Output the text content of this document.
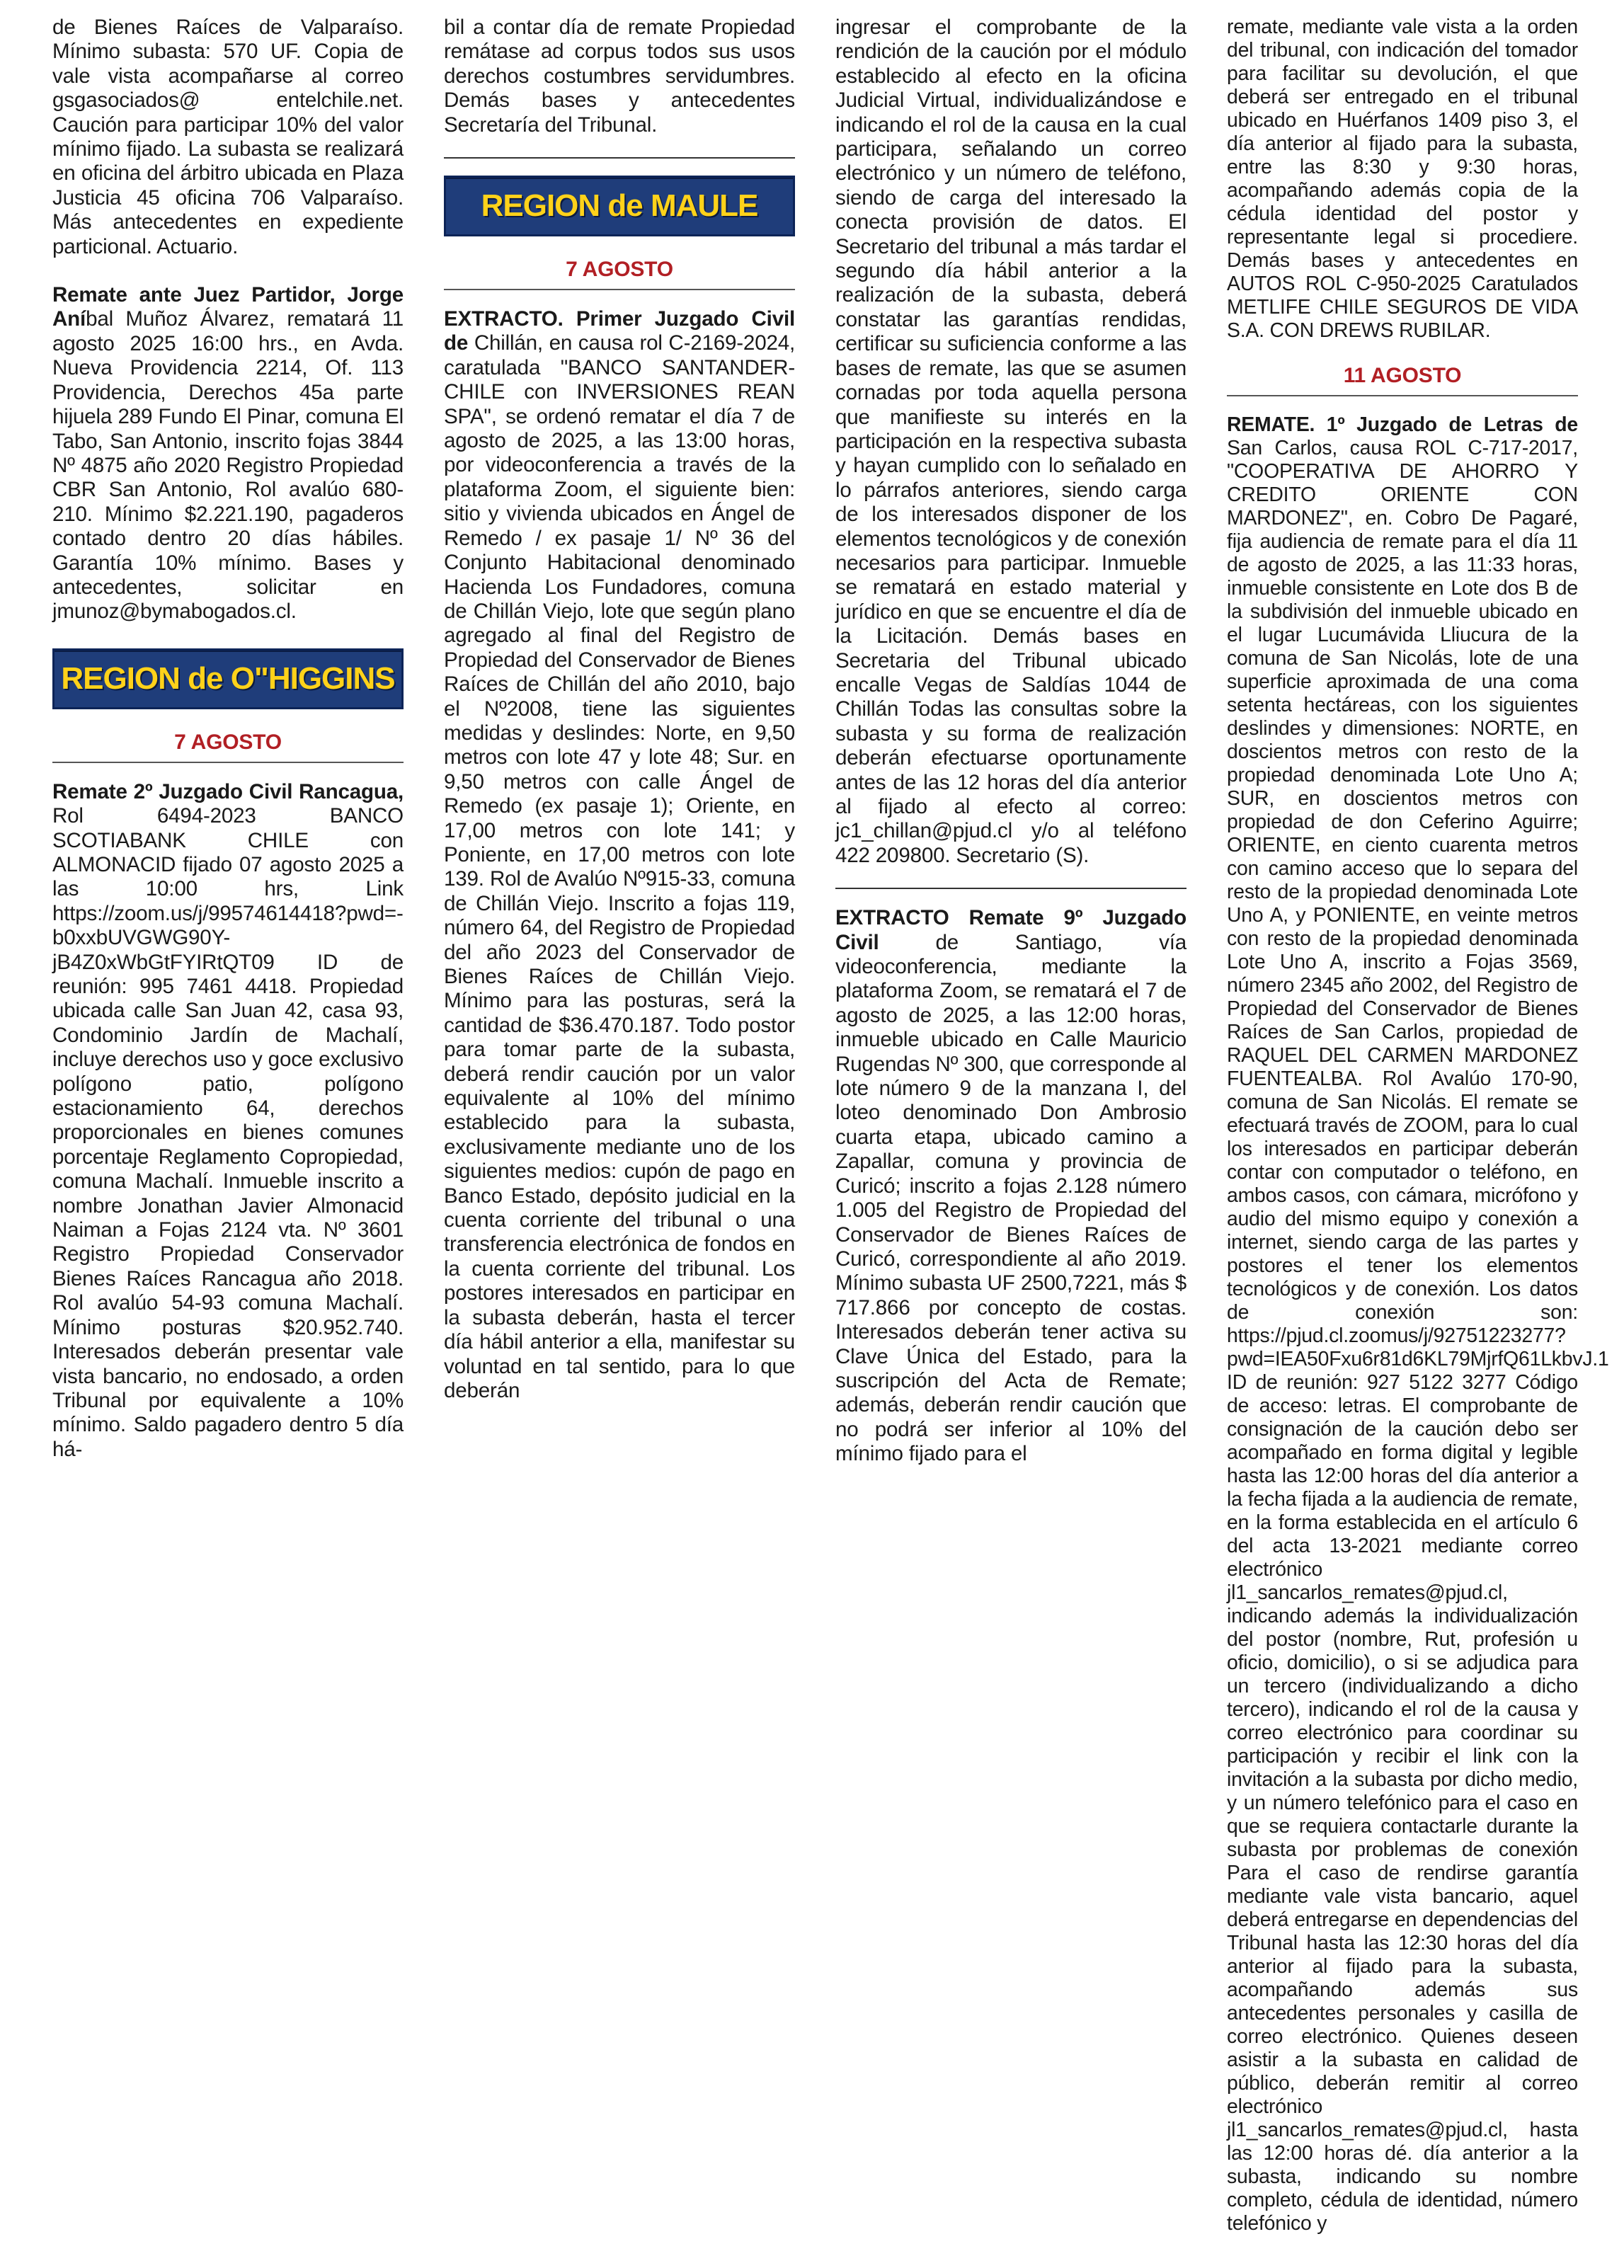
de Bienes Raíces de Valparaíso. Mínimo subasta: 570 UF. Copia de vale vista acompañarse al correo gsgasociados@ entelchile.net. Caución para participar 10% del valor mínimo fijado. La subasta se realizará en oficina del árbitro ubicada en Plaza Justicia 45 oficina 706 Valparaíso. Más antecedentes en expediente particional. Actuario.

Remate ante Juez Partidor, Jorge Aníbal Muñoz Álvarez, rematará 11 agosto 2025 16:00 hrs., en Avda. Nueva Providencia 2214, Of. 113 Providencia, Derechos 45a parte hijuela 289 Fundo El Pinar, comuna El Tabo, San Antonio, inscrito fojas 3844 Nº 4875 año 2020 Registro Propiedad CBR San Antonio, Rol avalúo 680-210. Mínimo $2.221.190, pagaderos contado dentro 20 días hábiles. Garantía 10% mínimo. Bases y antecedentes, solicitar en jmunoz@bymabogados.cl.

REGION de O"HIGGINS
7 AGOSTO

Remate 2º Juzgado Civil Rancagua, Rol 6494-2023 BANCO SCOTIABANK CHILE con ALMONACID fijado 07 agosto 2025 a las 10:00 hrs, Link https://zoom.us/j/99574614418?pwd=-b0xxbUVGWG90Y-jB4Z0xWbGtFYIRtQT09 ID de reunión: 995 7461 4418. Propiedad ubicada calle San Juan 42, casa 93, Condominio Jardín de Machalí, incluye derechos uso y goce exclusivo polígono patio, polígono estacionamiento 64, derechos proporcionales en bienes comunes porcentaje Reglamento Copropiedad, comuna Machalí. Inmueble inscrito a nombre Jonathan Javier Almonacid Naiman a Fojas 2124 vta. Nº 3601 Registro Propiedad Conservador Bienes Raíces Rancagua año 2018. Rol avalúo 54-93 comuna Machalí. Mínimo posturas $20.952.740. Interesados deberán presentar vale vista bancario, no endosado, a orden Tribunal por equivalente a 10% mínimo. Saldo pagadero dentro 5 día há-

bil a contar día de remate Propiedad remátase ad corpus todos sus usos derechos costumbres servidumbres. Demás bases y antecedentes Secretaría del Tribunal.

REGION de MAULE
7 AGOSTO

EXTRACTO. Primer Juzgado Civil de Chillán, en causa rol C-2169-2024, caratulada "BANCO SANTANDER- CHILE con INVERSIONES REAN SPA", se ordenó rematar el día 7 de agosto de 2025, a las 13:00 horas, por videoconferencia a través de la plataforma Zoom, el siguiente bien: sitio y vivienda ubicados en Ángel de Remedo / ex pasaje 1/ Nº 36 del Conjunto Habitacional denominado Hacienda Los Fundadores, comuna de Chillán Viejo, lote que según plano agregado al final del Registro de Propiedad del Conservador de Bienes Raíces de Chillán del año 2010, bajo el Nº2008, tiene las siguientes medidas y deslindes: Norte, en 9,50 metros con lote 47 y lote 48; Sur. en 9,50 metros con calle Ángel de Remedo (ex pasaje 1); Oriente, en 17,00 metros con lote 141; y Poniente, en 17,00 metros con lote 139. Rol de Avalúo Nº915-33, comuna de Chillán Viejo. Inscrito a fojas 119, número 64, del Registro de Propiedad del año 2023 del Conservador de Bienes Raíces de Chillán Viejo. Mínimo para las posturas, será la cantidad de $36.470.187. Todo postor para tomar parte de la subasta, deberá rendir caución por un valor equivalente al 10% del mínimo establecido para la subasta, exclusivamente mediante uno de los siguientes medios: cupón de pago en Banco Estado, depósito judicial en la cuenta corriente del tribunal o una transferencia electrónica de fondos en la cuenta corriente del tribunal. Los postores interesados en participar en la subasta deberán, hasta el tercer día hábil anterior a ella, manifestar su voluntad en tal sentido, para lo que deberán

ingresar el comprobante de la rendición de la caución por el módulo establecido al efecto en la oficina Judicial Virtual, individualizándose e indicando el rol de la causa en la cual participara, señalando un correo electrónico y un número de teléfono, siendo de carga del interesado la conecta provisión de datos. El Secretario del tribunal a más tardar el segundo día hábil anterior a la realización de la subasta, deberá constatar las garantías rendidas, certificar su suficiencia conforme a las bases de remate, las que se asumen cornadas por toda aquella persona que manifieste su interés en la participación en la respectiva subasta y hayan cumplido con lo señalado en lo párrafos anteriores, siendo carga de los interesados disponer de los elementos tecnológicos y de conexión necesarios para participar. Inmueble se rematará en estado material y jurídico en que se encuentre el día de la Licitación. Demás bases en Secretaria del Tribunal ubicado encalle Vegas de Saldías 1044 de Chillán Todas las consultas sobre la subasta y su forma de realización deberán efectuarse oportunamente antes de las 12 horas del día anterior al fijado al efecto al correo: jc1_chillan@pjud.cl y/o al teléfono 422 209800. Secretario (S).

EXTRACTO Remate 9º Juzgado Civil de Santiago, vía videoconferencia, mediante la plataforma Zoom, se rematará el 7 de agosto de 2025, a las 12:00 horas, inmueble ubicado en Calle Mauricio Rugendas Nº 300, que corresponde al lote número 9 de la manzana I, del loteo denominado Don Ambrosio cuarta etapa, ubicado camino a Zapallar, comuna y provincia de Curicó; inscrito a fojas 2.128 número 1.005 del Registro de Propiedad del Conservador de Bienes Raíces de Curicó, correspondiente al año 2019. Mínimo subasta UF 2500,7221, más $ 717.866 por concepto de costas. Interesados deberán tener activa su Clave Única del Estado, para la suscripción del Acta de Remate; además, deberán rendir caución que no podrá ser inferior al 10% del mínimo fijado para el

remate, mediante vale vista a la orden del tribunal, con indicación del tomador para facilitar su devolución, el que deberá ser entregado en el tribunal ubicado en Huérfanos 1409 piso 3, el día anterior al fijado para la subasta, entre las 8:30 y 9:30 horas, acompañando además copia de la cédula identidad del postor y representante legal si procediere. Demás bases y antecedentes en AUTOS ROL C-950-2025 Caratulados METLIFE CHILE SEGUROS DE VIDA S.A. CON DREWS RUBILAR.

11 AGOSTO

REMATE. 1º Juzgado de Letras de San Carlos, causa ROL C-717-2017, "COOPERATIVA DE AHORRO Y CREDITO ORIENTE CON MARDONEZ", en. Cobro De Pagaré, fija audiencia de remate para el día 11 de agosto de 2025, a las 11:33 horas, inmueble consistente en Lote dos B de la subdivisión del inmueble ubicado en el lugar Lucumávida Lliucura de la comuna de San Nicolás, lote de una superficie aproximada de una coma setenta hectáreas, con los siguientes deslindes y dimensiones: NORTE, en doscientos metros con resto de la propiedad denominada Lote Uno A; SUR, en doscientos metros con propiedad de don Ceferino Aguirre; ORIENTE, en ciento cuarenta metros con camino acceso que lo separa del resto de la propiedad denominada Lote Uno A, y PONIENTE, en veinte metros con resto de la propiedad denominada Lote Uno A, inscrito a Fojas 3569, número 2345 año 2002, del Registro de Propiedad del Conservador de Bienes Raíces de San Carlos, propiedad de RAQUEL DEL CARMEN MARDONEZ FUENTEALBA. Rol Avalúo 170-90, comuna de San Nicolás. El remate se efectuará través de ZOOM, para lo cual los interesados en participar deberán contar con computador o teléfono, en ambos casos, con cámara, micrófono y audio del mismo equipo y conexión a internet, siendo carga de las partes y postores el tener los elementos tecnológicos y de conexión. Los datos de conexión son: https://pjud.cl.zoomus/j/92751223277?pwd=IEA50Fxu6r81d6KL79MjrfQ61LkbvJ.1 ID de reunión: 927 5122 3277 Código de acceso: letras. El comprobante de consignación de la caución debo ser acompañado en forma digital y legible hasta las 12:00 horas del día anterior a la fecha fijada a la audiencia de remate, en la forma establecida en el artículo 6 del acta 13-2021 mediante correo electrónico jl1_sancarlos_remates@pjud.cl, indicando además la individualización del postor (nombre, Rut, profesión u oficio, domicilio), o si se adjudica para un tercero (individualizando a dicho tercero), indicando el rol de la causa y correo electrónico para coordinar su participación y recibir el link con la invitación a la subasta por dicho medio, y un número telefónico para el caso en que se requiera contactarle durante la subasta por problemas de conexión Para el caso de rendirse garantía mediante vale vista bancario, aquel deberá entregarse en dependencias del Tribunal hasta las 12:30 horas del día anterior al fijado para la subasta, acompañando además sus antecedentes personales y casilla de correo electrónico. Quienes deseen asistir a la subasta en calidad de público, deberán remitir al correo electrónico jl1_sancarlos_remates@pjud.cl, hasta las 12:00 horas dé. día anterior a la subasta, indicando su nombre completo, cédula de identidad, número telefónico y
